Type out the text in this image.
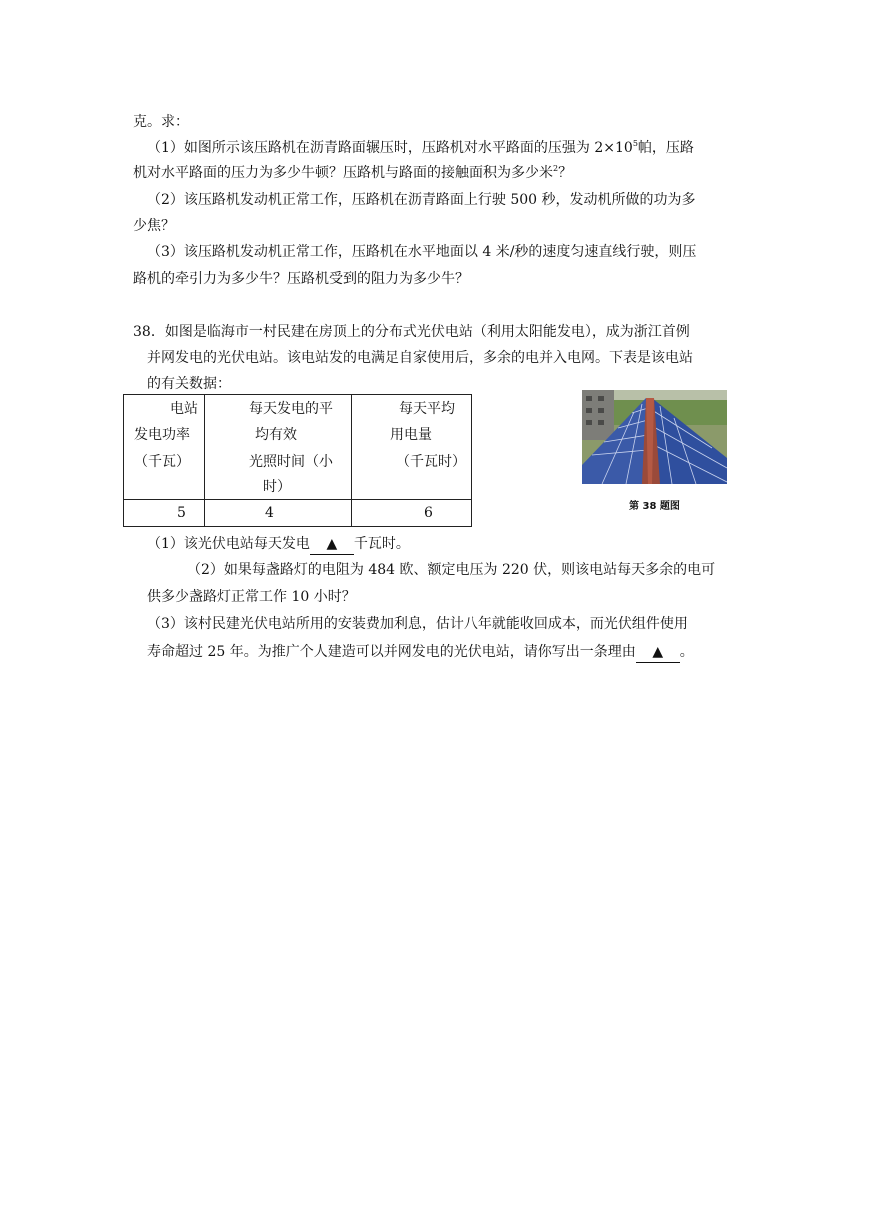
克。求：
（1）如图所示该压路机在沥青路面辗压时，压路机对水平路面的压强为 $2\times 10^5$帕，压路
机对水平路面的压力为多少牛顿？压路机与路面的接触面积为多少米$^2$？
（2）该压路机发动机正常工作，压路机在沥青路面上行驶 500 秒，发动机所做的功为多
少焦？
（3）该压路机发动机正常工作，压路机在水平地面以 4 米/秒的速度匀速直线行驶，则压
路机的牵引力为多少牛？压路机受到的阻力为多少牛？
38．如图是临海市一村民建在房顶上的分布式光伏电站（利用太阳能发电），成为浙江首例
并网发电的光伏电站。该电站发的电满足自家使用后，多余的电并入电网。下表是该电站
的有关数据：
电站
发电功率
（千瓦）	每天发电的平
均有效
光照时间（小
时）	每天平均
用电量
（千瓦时）

5	4	6	第 38 题图
（1）该光伏电站每天发电 ▲ 千瓦时。
（2）如果每盏路灯的电阻为 484 欧、额定电压为 220 伏，则该电站每天多余的电可
供多少盏路灯正常工作 10 小时？
（3）该村民建光伏电站所用的安装费加利息，估计八年就能收回成本，而光伏组件使用
寿命超过 25 年。为推广个人建造可以并网发电的光伏电站，请你写出一条理由 ▲ 。
